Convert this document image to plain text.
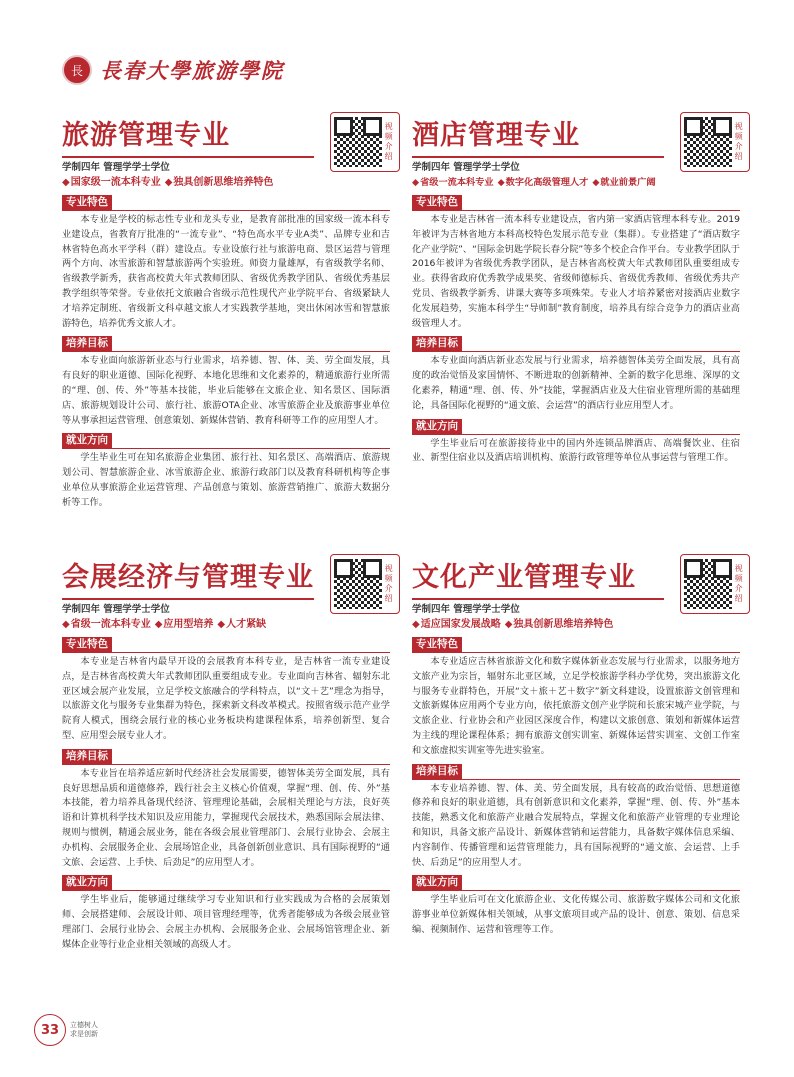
長 長春大學旅游學院
旅游管理专业	视频介绍
学制四年 管理学学士学位
◆ 国家级一流本科专业 ◆ 独具创新思维培养特色
专业特色

本专业是学校的标志性专业和龙头专业，是教育部批准的国家级一流本科专业建设点，省教育厅批准的“一流专业”、“特色高水平专业A类”、品牌专业和吉林省特色高水平学科（群）建设点。专业设旅行社与旅游电商、景区运营与管理两个方向、冰雪旅游和智慧旅游两个实验班。师资力量雄厚，有省级教学名师、省级教学新秀，获省高校黄大年式教师团队、省级优秀教学团队、省级优秀基层教学组织等荣誉。专业依托文旅融合省级示范性现代产业学院平台、省级紧缺人才培养定制班、省级新文科卓越文旅人才实践教学基地，突出休闲冰雪和智慧旅游特色，培养优秀文旅人才。

培养目标

本专业面向旅游新业态与行业需求，培养德、智、体、美、劳全面发展，具有良好的职业道德、国际化视野、本地化思维和文化素养的，精通旅游行业所需的“理、创、传、外”等基本技能，毕业后能够在文旅企业、知名景区、国际酒店、旅游规划设计公司、旅行社、旅游OTA企业、冰雪旅游企业及旅游事业单位等从事承担运营管理、创意策划、新媒体营销、教育科研等工作的应用型人才。

就业方向

学生毕业生可在知名旅游企业集团、旅行社、知名景区、高端酒店、旅游规划公司、智慧旅游企业、冰雪旅游企业、旅游行政部门以及教育科研机构等企事业单位从事旅游企业运营管理、产品创意与策划、旅游营销推广、旅游大数据分析等工作。

酒店管理专业	视频介绍
学制四年 管理学学士学位
◆ 省级一流本科专业 ◆ 数字化高级管理人才 ◆ 就业前景广阔
专业特色

本专业是吉林省一流本科专业建设点，省内第一家酒店管理本科专业。2019年被评为吉林省地方本科高校特色发展示范专业（集群）。专业搭建了“酒店数字化产业学院”、“国际金钥匙学院长春分院”等多个校企合作平台。专业教学团队于2016年被评为省级优秀教学团队，是吉林省高校黄大年式教师团队重要组成专业。获得省政府优秀教学成果奖、省级师德标兵、省级优秀教师、省级优秀共产党员、省级教学新秀、讲课大赛等多项殊荣。专业人才培养紧密对接酒店业数字化发展趋势，实施本科学生“导师制”教育制度，培养具有综合竞争力的酒店业高级管理人才。

培养目标

本专业面向酒店新业态发展与行业需求，培养德智体美劳全面发展，具有高度的政治觉悟及家国情怀、不断进取的创新精神、全新的数字化思维、深厚的文化素养，精通“理、创、传、外”技能，掌握酒店业及大住宿业管理所需的基础理论，具备国际化视野的“通文旅、会运营”的酒店行业应用型人才。

就业方向

学生毕业后可在旅游接待业中的国内外连锁品牌酒店、高端餐饮业、住宿业、新型住宿业以及酒店培训机构、旅游行政管理等单位从事运营与管理工作。

会展经济与管理专业	视频介绍
学制四年 管理学学士学位
◆ 省级一流本科专业 ◆ 应用型培养 ◆ 人才紧缺
专业特色

本专业是吉林省内最早开设的会展教育本科专业，是吉林省一流专业建设点，是吉林省高校黄大年式教师团队重要组成专业。专业面向吉林省、辐射东北亚区域会展产业发展，立足学校文旅融合的学科特点，以“文＋艺”理念为指导，以旅游文化与服务专业集群为特色，探索新文科改革模式。按照省级示范产业学院育人模式，围绕会展行业的核心业务板块构建课程体系，培养创新型、复合型、应用型会展专业人才。

培养目标

本专业旨在培养适应新时代经济社会发展需要，德智体美劳全面发展，具有良好思想品质和道德修养，践行社会主义核心价值观，掌握“理、创、传、外”基本技能，着力培养具备现代经济、管理理论基础，会展相关理论与方法，良好英语和计算机科学技术知识及应用能力，掌握现代会展技术，熟悉国际会展法律、规则与惯例，精通会展业务，能在各级会展业管理部门、会展行业协会、会展主办机构、会展服务企业、会展场馆企业，具备创新创业意识、具有国际视野的“通文旅、会运营、上手快、后劲足”的应用型人才。

就业方向

学生毕业后，能够通过继续学习专业知识和行业实践成为合格的会展策划师、会展搭建师、会展设计师、项目管理经理等，优秀者能够成为各级会展业管理部门、会展行业协会、会展主办机构、会展服务企业、会展场馆管理企业、新媒体企业等行业企业相关领域的高级人才。

文化产业管理专业	视频介绍
学制四年 管理学学士学位
◆ 适应国家发展战略 ◆ 独具创新思维培养特色
专业特色

本专业适应吉林省旅游文化和数字媒体新业态发展与行业需求，以服务地方文旅产业为宗旨，辐射东北亚区域，立足学校旅游学科办学优势，突出旅游文化与服务专业群特色，开展“文＋旅＋艺＋数字”新文科建设，设置旅游文创管理和文旅新媒体应用两个专业方向，依托旅游文创产业学院和长旅宋城产业学院，与文旅企业、行业协会和产业园区深度合作，构建以文旅创意、策划和新媒体运营为主线的理论课程体系；拥有旅游文创实训室、新媒体运营实训室、文创工作室和文旅虚拟实训室等先进实验室。

培养目标

本专业培养德、智、体、美、劳全面发展，具有较高的政治觉悟、思想道德修养和良好的职业道德，具有创新意识和文化素养，掌握“理、创、传、外”基本技能，熟悉文化和旅游产业融合发展特点，掌握文化和旅游产业管理的专业理论和知识，具备文旅产品设计、新媒体营销和运营能力，具备数字媒体信息采编、内容制作、传播管理和运营管理能力，具有国际视野的“通文旅、会运营、上手快、后劲足”的应用型人才。

就业方向

学生毕业后可在文化旅游企业、文化传媒公司、旅游数字媒体公司和文化旅游事业单位新媒体相关领域，从事文旅项目或产品的设计、创意、策划、信息采编、视频制作、运营和管理等工作。

33	立德树人
求是创新
